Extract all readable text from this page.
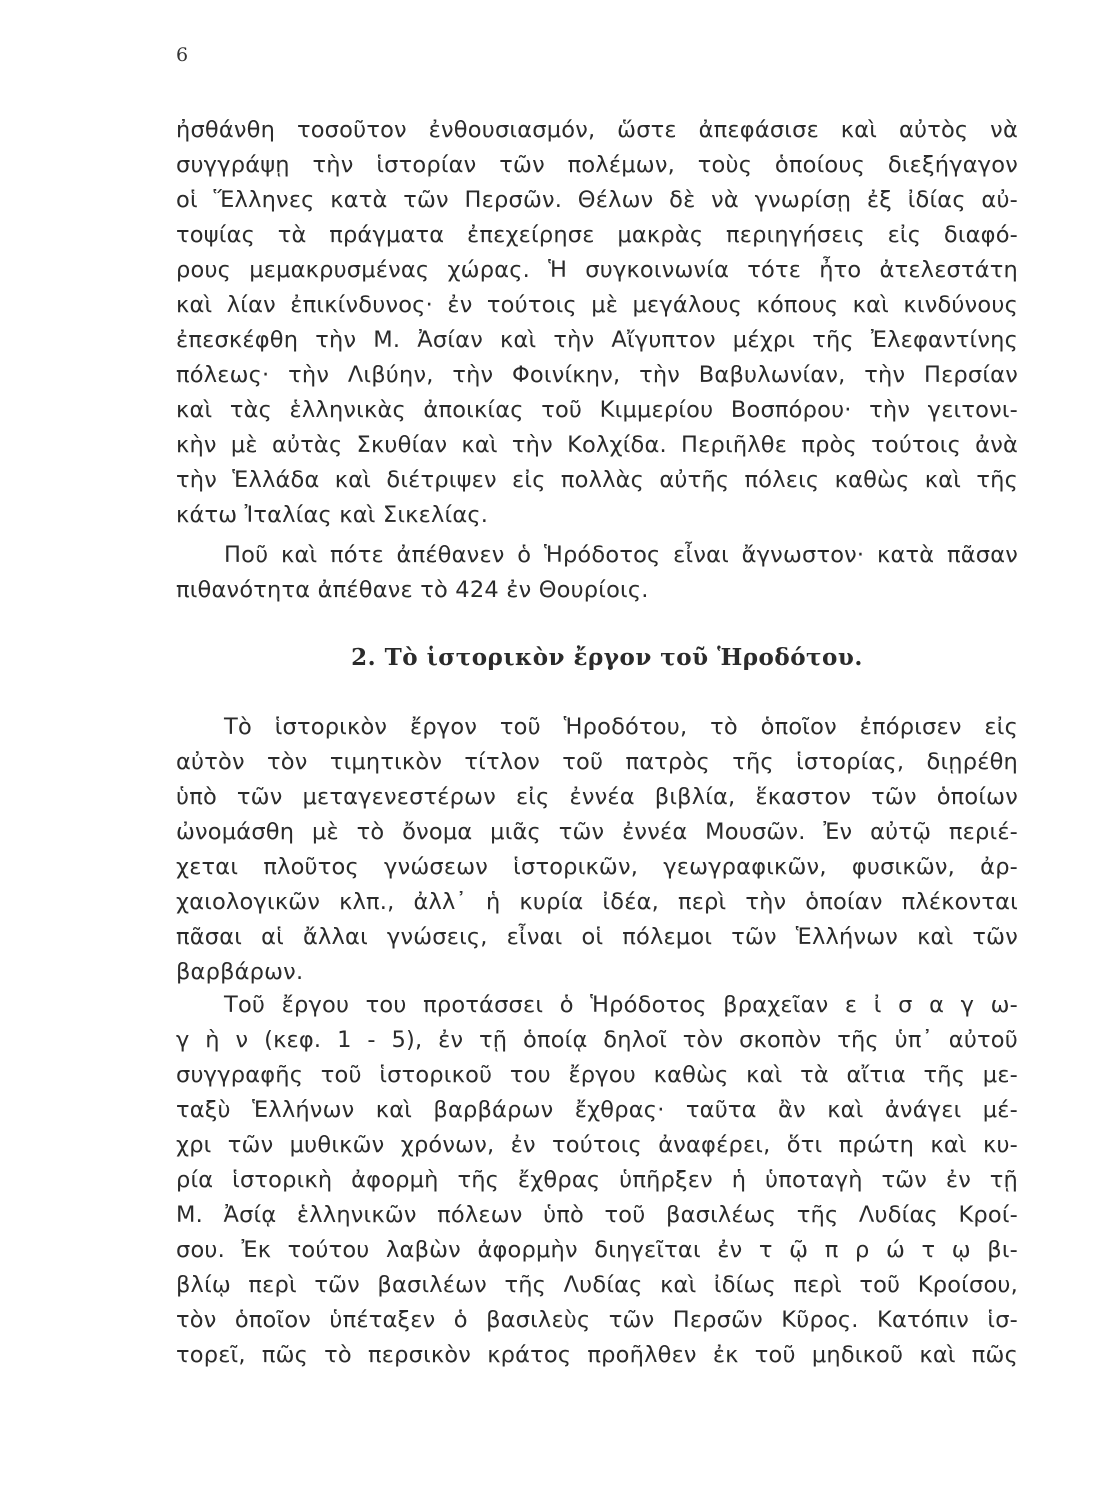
6
ἠσθάνθη τοσοῦτον ἐνθουσιασμόν, ὥστε ἀπεφάσισε καὶ αὐτὸς νὰ
συγγράψῃ τὴν ἱστορίαν τῶν πολέμων, τοὺς ὁποίους διεξήγαγον
οἱ Ἕλληνες κατὰ τῶν Περσῶν. Θέλων δὲ νὰ γνωρίσῃ ἐξ ἰδίας αὐ-
τοψίας τὰ πράγματα ἐπεχείρησε μακρὰς περιηγήσεις εἰς διαφό-
ρους μεμακρυσμένας χώρας. Ἡ συγκοινωνία τότε ἦτο ἀτελεστάτη
καὶ λίαν ἐπικίνδυνος· ἐν τούτοις μὲ μεγάλους κόπους καὶ κινδύνους
ἐπεσκέφθη τὴν Μ. Ἀσίαν καὶ τὴν Αἴγυπτον μέχρι τῆς Ἐλεφαντίνης
πόλεως· τὴν Λιβύην, τὴν Φοινίκην, τὴν Βαβυλωνίαν, τὴν Περσίαν
καὶ τὰς ἑλληνικὰς ἀποικίας τοῦ Κιμμερίου Βοσπόρου· τὴν γειτονι-
κὴν μὲ αὐτὰς Σκυθίαν καὶ τὴν Κολχίδα. Περιῆλθε πρὸς τούτοις ἀνὰ
τὴν Ἑλλάδα καὶ διέτριψεν εἰς πολλὰς αὐτῆς πόλεις καθὼς καὶ τῆς
κάτω Ἰταλίας καὶ Σικελίας.
Ποῦ καὶ πότε ἀπέθανεν ὁ Ἡρόδοτος εἶναι ἄγνωστον· κατὰ πᾶσαν
πιθανότητα ἀπέθανε τὸ 424 ἐν Θουρίοις.
2. Τὸ ἱστορικὸν ἔργον τοῦ Ἡροδότου.
Τὸ ἱστορικὸν ἔργον τοῦ Ἡροδότου, τὸ ὁποῖον ἐπόρισεν εἰς
αὐτὸν τὸν τιμητικὸν τίτλον τοῦ πατρὸς τῆς ἱστορίας, διῃρέθη
ὑπὸ τῶν μεταγενεστέρων εἰς ἐννέα βιβλία, ἕκαστον τῶν ὁποίων
ὠνομάσθη μὲ τὸ ὄνομα μιᾶς τῶν ἐννέα Μουσῶν. Ἐν αὐτῷ περιέ-
χεται πλοῦτος γνώσεων ἱστορικῶν, γεωγραφικῶν, φυσικῶν, ἀρ-
χαιολογικῶν κλπ., ἀλλ᾿ ἡ κυρία ἰδέα, περὶ τὴν ὁποίαν πλέκονται
πᾶσαι αἱ ἄλλαι γνώσεις, εἶναι οἱ πόλεμοι τῶν Ἑλλήνων καὶ τῶν
βαρβάρων.
Τοῦ ἔργου του προτάσσει ὁ Ἡρόδοτος βραχεῖαν ε ἰ σ α γ ω-
γ ὴ ν (κεφ. 1 - 5), ἐν τῇ ὁποίᾳ δηλοῖ τὸν σκοπὸν τῆς ὑπ᾿ αὐτοῦ
συγγραφῆς τοῦ ἱστορικοῦ του ἔργου καθὼς καὶ τὰ αἴτια τῆς με-
ταξὺ Ἑλλήνων καὶ βαρβάρων ἔχθρας· ταῦτα ἂν καὶ ἀνάγει μέ-
χρι τῶν μυθικῶν χρόνων, ἐν τούτοις ἀναφέρει, ὅτι πρώτη καὶ κυ-
ρία ἱστορικὴ ἀφορμὴ τῆς ἔχθρας ὑπῆρξεν ἡ ὑποταγὴ τῶν ἐν τῇ
Μ. Ἀσίᾳ ἑλληνικῶν πόλεων ὑπὸ τοῦ βασιλέως τῆς Λυδίας Κροί-
σου. Ἐκ τούτου λαβὼν ἀφορμὴν διηγεῖται ἐν τ ῷ π ρ ώ τ ῳ βι-
βλίῳ περὶ τῶν βασιλέων τῆς Λυδίας καὶ ἰδίως περὶ τοῦ Κροίσου,
τὸν ὁποῖον ὑπέταξεν ὁ βασιλεὺς τῶν Περσῶν Κῦρος. Κατόπιν ἱσ-
τορεῖ, πῶς τὸ περσικὸν κράτος προῆλθεν ἐκ τοῦ μηδικοῦ καὶ πῶς
